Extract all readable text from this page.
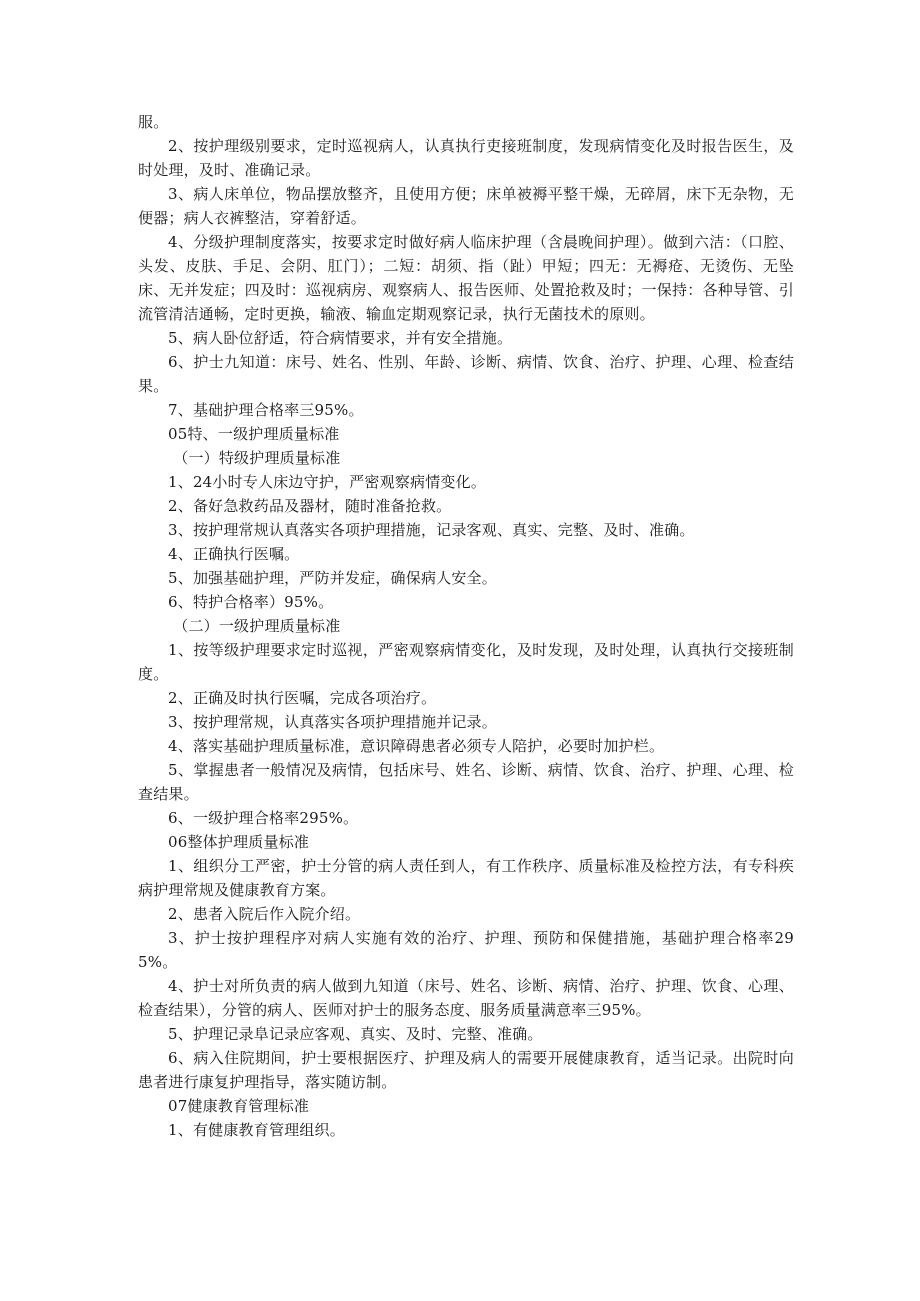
服。

2、按护理级别要求，定时巡视病人，认真执行吏接班制度，发现病情变化及时报告医生，及时处理，及时、准确记录。

3、病人床单位，物品摆放整齐，且使用方便；床单被褥平整干燥，无碎屑，床下无杂物，无便器；病人衣裤整洁，穿着舒适。

4、分级护理制度落实，按要求定时做好病人临床护理（含晨晚间护理）。做到六洁：（口腔、头发、皮肤、手足、会阴、肛门）；二短：胡须、指（趾）甲短；四无：无褥疮、无烫伤、无坠床、无并发症；四及时：巡视病房、观察病人、报告医师、处置抢救及时；一保持：各种导管、引流管清洁通畅，定时更换，输液、输血定期观察记录，执行无菌技术的原则。

5、病人卧位舒适，符合病情要求，并有安全措施。

6、护士九知道：床号、姓名、性别、年龄、诊断、病情、饮食、治疗、护理、心理、检查结果。

7、基础护理合格率三95%。

05特、一级护理质量标准

（一）特级护理质量标准

1、24小时专人床边守护，严密观察病情变化。

2、备好急救药品及器材，随时准备抢救。

3、按护理常规认真落实各项护理措施，记录客观、真实、完整、及时、准确。

4、正确执行医嘱。

5、加强基础护理，严防并发症，确保病人安全。

6、特护合格率）95%。

（二）一级护理质量标准

1、按等级护理要求定时巡视，严密观察病情变化，及时发现，及时处理，认真执行交接班制度。

2、正确及时执行医嘱，完成各项治疗。

3、按护理常规，认真落实各项护理措施并记录。

4、落实基础护理质量标准，意识障碍患者必须专人陪护，必要时加护栏。

5、掌握患者一般情况及病情，包括床号、姓名、诊断、病情、饮食、治疗、护理、心理、检查结果。

6、一级护理合格率295%。

06整体护理质量标准

1、组织分工严密，护士分管的病人责任到人，有工作秩序、质量标准及检控方法，有专科疾病护理常规及健康教育方案。

2、患者入院后作入院介绍。

3、护士按护理程序对病人实施有效的治疗、护理、预防和保健措施，基础护理合格率295%。

4、护士对所负责的病人做到九知道（床号、姓名、诊断、病情、治疗、护理、饮食、心理、检查结果），分管的病人、医师对护士的服务态度、服务质量满意率三95%。

5、护理记录阜记录应客观、真实、及时、完整、准确。

6、病入住院期间，护士要根据医疗、护理及病人的需要开展健康教育，适当记录。出院时向患者进行康复护理指导，落实随访制。

07健康教育管理标准

1、有健康教育管理组织。
